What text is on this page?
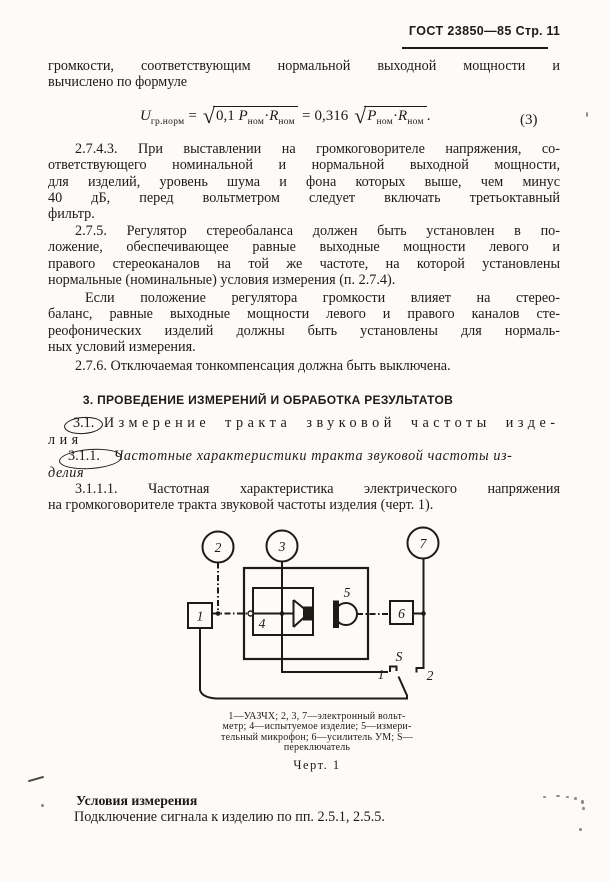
ГОСТ 23850—85 Стр. 11
громкости, соответствующим нормальной выходной мощности и
вычислено по формуле
$U_{гр.норм} = √0,1$ $P_{ном}\cdot R_{ном} = 0,316$ $√P_{ном}\cdot R_{ном}$ .	(3)
2.7.4.3. При выставлении на громкоговорителе напряжения, со-
ответствующего номинальной и нормальной выходной мощности,
для изделий, уровень шума и фона которых выше, чем минус
40 дБ, перед вольтметром следует включать третьоктавный
фильтр.
2.7.5. Регулятор стереобаланса должен быть установлен в по-
ложение, обеспечивающее равные выходные мощности левого и
правого стереоканалов на той же частоте, на которой установлены
нормальные (номинальные) условия измерения (п. 2.7.4).
Если положение регулятора громкости влияет на стерео-
баланс, равные выходные мощности левого и правого каналов сте-
реофонических изделий должны быть установлены для нормаль-
ных условий измерения.
2.7.6. Отключаемая тонкомпенсация должна быть выключена.
3. ПРОВЕДЕНИЕ ИЗМЕРЕНИЙ И ОБРАБОТКА РЕЗУЛЬТАТОВ
3.1. Измерение тракта звуковой частоты изде-
лия
3.1.1. Частотные характеристики тракта звуковой частоты из-
делия
3.1.1.1. Частотная характеристика электрического напряжения
на громкоговорителе тракта звуковой частоты изделия (черт. 1).
1
2	3	7
4
5
6
S
1	2
1—УАЗЧХ; 2, 3, 7—электронный вольт-
метр; 4—испытуемое изделие; 5—измери-
тельный микрофон; 6—усилитель УМ; S—
переключатель
Черт. 1
Условия измерения
Подключение сигнала к изделию по пп. 2.5.1, 2.5.5.
